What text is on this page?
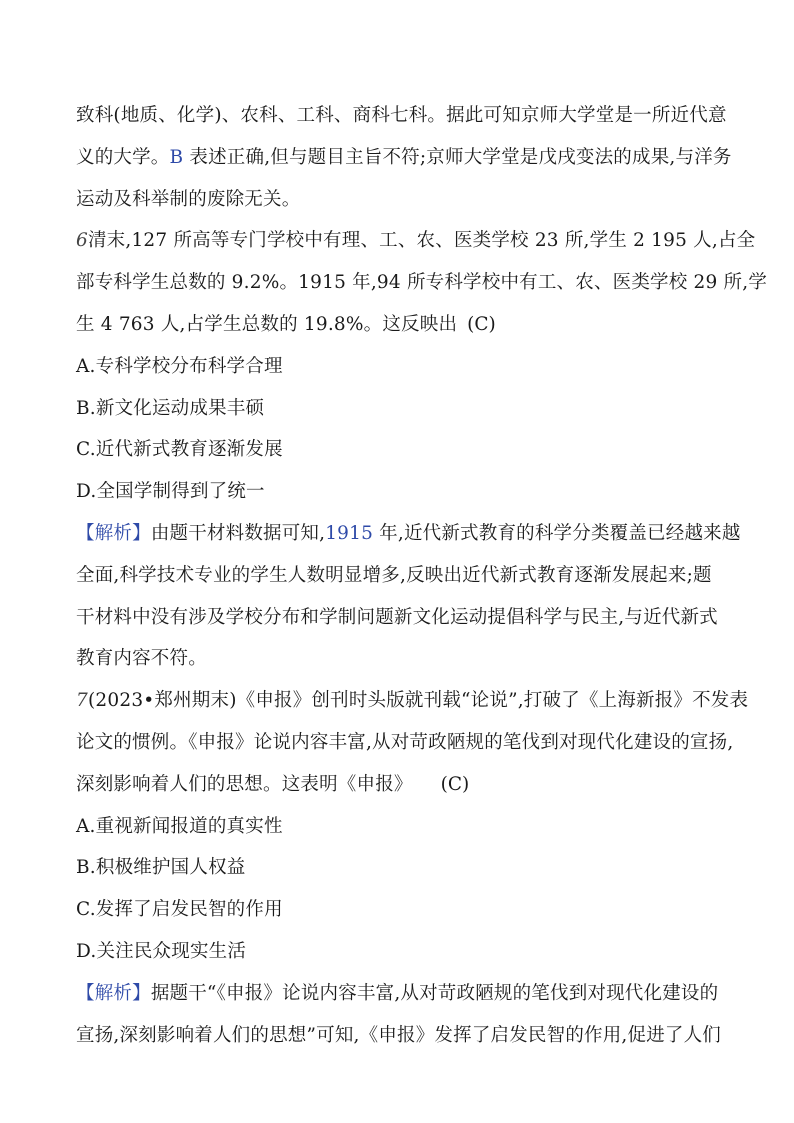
致科(地质、化学)、农科、工科、商科七科。据此可知京师大学堂是一所近代意
义的大学。B 表述正确,但与题目主旨不符;京师大学堂是戊戌变法的成果,与洋务
运动及科举制的废除无关。
6清末,127 所高等专门学校中有理、工、农、医类学校 23 所,学生 2 195 人,占全
部专科学生总数的 9.2%。1915 年,94 所专科学校中有工、农、医类学校 29 所,学
生 4 763 人,占学生总数的 19.8%。这反映出 (C)
A.专科学校分布科学合理
B.新文化运动成果丰硕
C.近代新式教育逐渐发展
D.全国学制得到了统一
【解析】由题干材料数据可知,1915 年,近代新式教育的科学分类覆盖已经越来越
全面,科学技术专业的学生人数明显增多,反映出近代新式教育逐渐发展起来;题
干材料中没有涉及学校分布和学制问题新文化运动提倡科学与民主,与近代新式
教育内容不符。
7(2023•郑州期末)《申报》创刊时头版就刊载“论说”,打破了《上海新报》不发表
论文的惯例。《申报》论说内容丰富,从对苛政陋规的笔伐到对现代化建设的宣扬,
深刻影响着人们的思想。这表明《申报》 (C)
A.重视新闻报道的真实性
B.积极维护国人权益
C.发挥了启发民智的作用
D.关注民众现实生活
【解析】据题干“《申报》论说内容丰富,从对苛政陋规的笔伐到对现代化建设的
宣扬,深刻影响着人们的思想”可知,《申报》发挥了启发民智的作用,促进了人们
